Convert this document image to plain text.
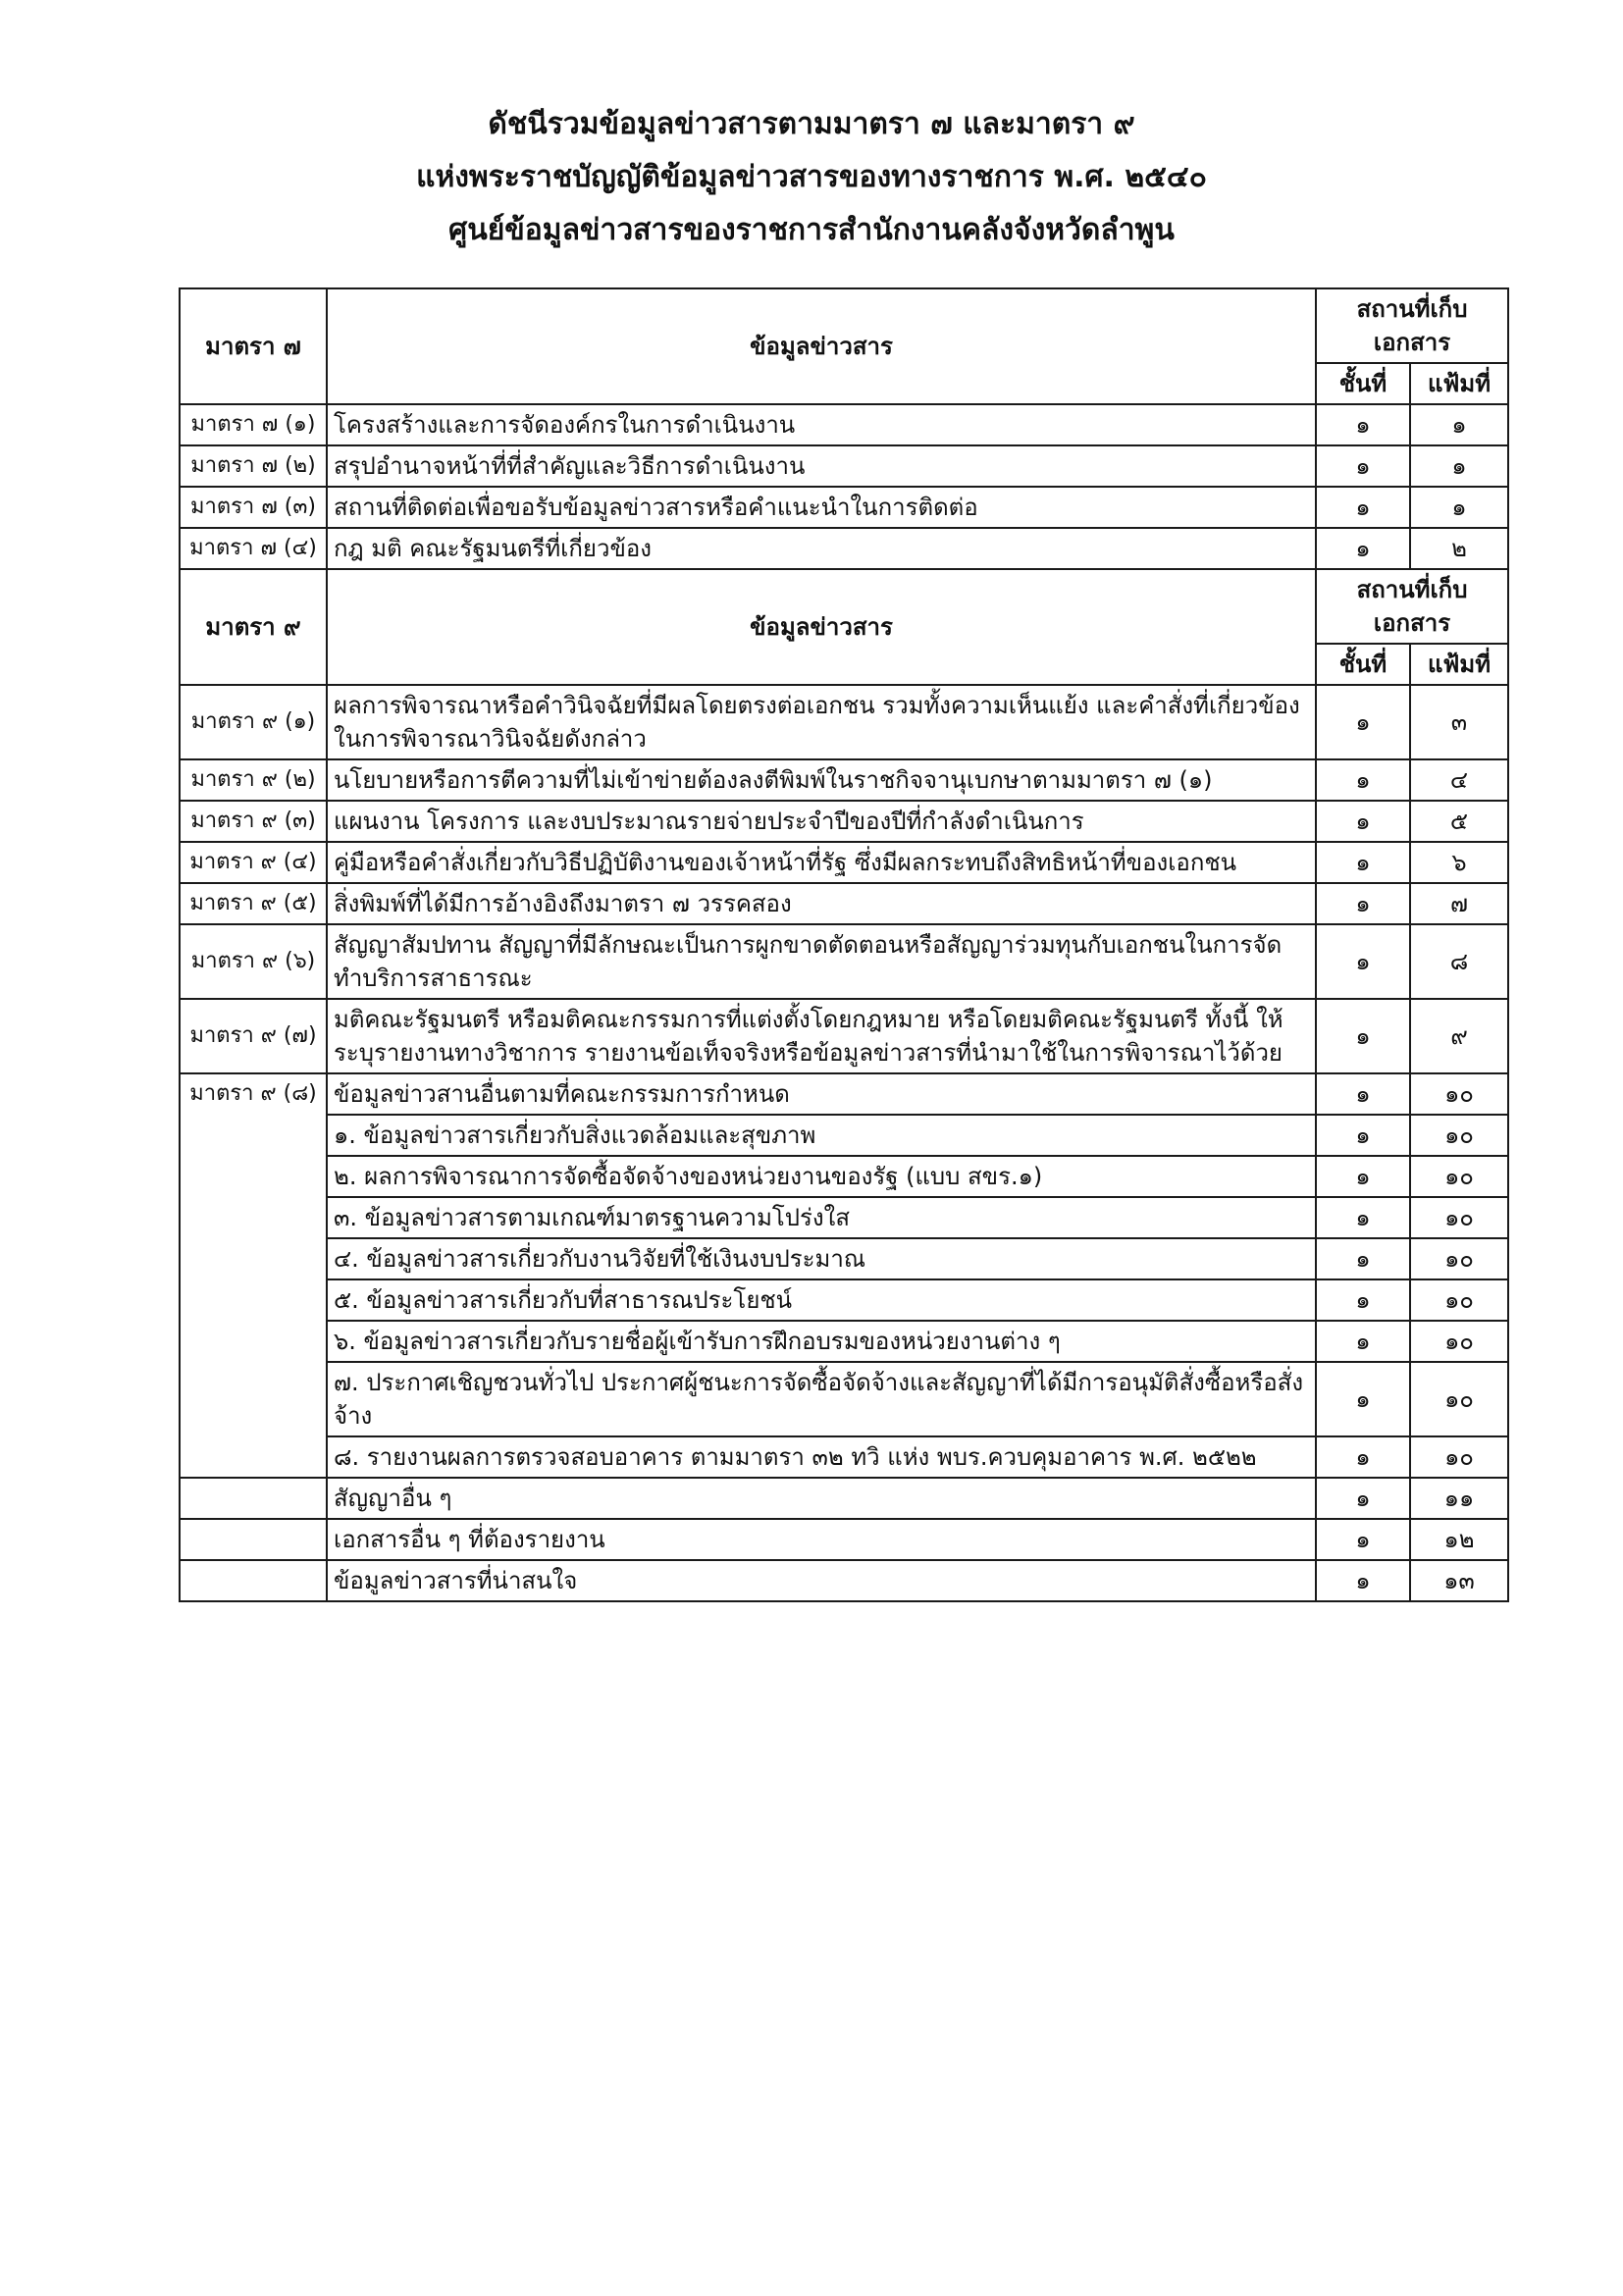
ดัชนีรวมข้อมูลข่าวสารตามมาตรา ๗ และมาตรา ๙

แห่งพระราชบัญญัติข้อมูลข่าวสารของทางราชการ พ.ศ. ๒๕๔๐

ศูนย์ข้อมูลข่าวสารของราชการสำนักงานคลังจังหวัดลำพูน

มาตรา ๗	ข้อมูลข่าวสาร	สถานที่เก็บเอกสาร	
		ชั้นที่	แฟ้มที่
มาตรา ๗ (๑)	โครงสร้างและการจัดองค์กรในการดำเนินงาน	๑	๑
มาตรา ๗ (๒)	สรุปอำนาจหน้าที่ที่สำคัญและวิธีการดำเนินงาน	๑	๑
มาตรา ๗ (๓)	สถานที่ติดต่อเพื่อขอรับข้อมูลข่าวสารหรือคำแนะนำในการติดต่อ	๑	๑
มาตรา ๗ (๔)	กฎ มติ คณะรัฐมนตรีที่เกี่ยวข้อง	๑	๒
มาตรา ๙	ข้อมูลข่าวสาร	สถานที่เก็บเอกสาร	
		ชั้นที่	แฟ้มที่
มาตรา ๙ (๑)	ผลการพิจารณาหรือคำวินิจฉัยที่มีผลโดยตรงต่อเอกชน รวมทั้งความเห็นแย้ง และคำสั่งที่เกี่ยวข้องในการพิจารณาวินิจฉัยดังกล่าว	๑	๓
มาตรา ๙ (๒)	นโยบายหรือการตีความที่ไม่เข้าข่ายต้องลงตีพิมพ์ในราชกิจจานุเบกษาตามมาตรา ๗ (๑)	๑	๔
มาตรา ๙ (๓)	แผนงาน โครงการ และงบประมาณรายจ่ายประจำปีของปีที่กำลังดำเนินการ	๑	๕
มาตรา ๙ (๔)	คู่มือหรือคำสั่งเกี่ยวกับวิธีปฏิบัติงานของเจ้าหน้าที่รัฐ ซึ่งมีผลกระทบถึงสิทธิหน้าที่ของเอกชน	๑	๖
มาตรา ๙ (๕)	สิ่งพิมพ์ที่ได้มีการอ้างอิงถึงมาตรา ๗ วรรคสอง	๑	๗
มาตรา ๙ (๖)	สัญญาสัมปทาน สัญญาที่มีลักษณะเป็นการผูกขาดตัดตอนหรือสัญญาร่วมทุนกับเอกชนในการจัดทำบริการสาธารณะ	๑	๘
มาตรา ๙ (๗)	มติคณะรัฐมนตรี หรือมติคณะกรรมการที่แต่งตั้งโดยกฎหมาย หรือโดยมติคณะรัฐมนตรี ทั้งนี้ ให้ระบุรายงานทางวิชาการ รายงานข้อเท็จจริงหรือข้อมูลข่าวสารที่นำมาใช้ในการพิจารณาไว้ด้วย	๑	๙
มาตรา ๙ (๘)	ข้อมูลข่าวสานอื่นตามที่คณะกรรมการกำหนด	๑	๑๐
	๑. ข้อมูลข่าวสารเกี่ยวกับสิ่งแวดล้อมและสุขภาพ	๑	๑๐
	๒. ผลการพิจารณาการจัดซื้อจัดจ้างของหน่วยงานของรัฐ (แบบ สขร.๑)	๑	๑๐
	๓. ข้อมูลข่าวสารตามเกณฑ์มาตรฐานความโปร่งใส	๑	๑๐
	๔. ข้อมูลข่าวสารเกี่ยวกับงานวิจัยที่ใช้เงินงบประมาณ	๑	๑๐
	๕. ข้อมูลข่าวสารเกี่ยวกับที่สาธารณประโยชน์	๑	๑๐
	๖. ข้อมูลข่าวสารเกี่ยวกับรายชื่อผู้เข้ารับการฝึกอบรมของหน่วยงานต่าง ๆ	๑	๑๐
	๗. ประกาศเชิญชวนทั่วไป ประกาศผู้ชนะการจัดซื้อจัดจ้างและสัญญาที่ได้มีการอนุมัติสั่งซื้อหรือสั่งจ้าง	๑	๑๐
	๘. รายงานผลการตรวจสอบอาคาร ตามมาตรา ๓๒ ทวิ แห่ง พบร.ควบคุมอาคาร พ.ศ. ๒๕๒๒	๑	๑๐
	สัญญาอื่น ๆ	๑	๑๑
	เอกสารอื่น ๆ ที่ต้องรายงาน	๑	๑๒
	ข้อมูลข่าวสารที่น่าสนใจ	๑	๑๓
